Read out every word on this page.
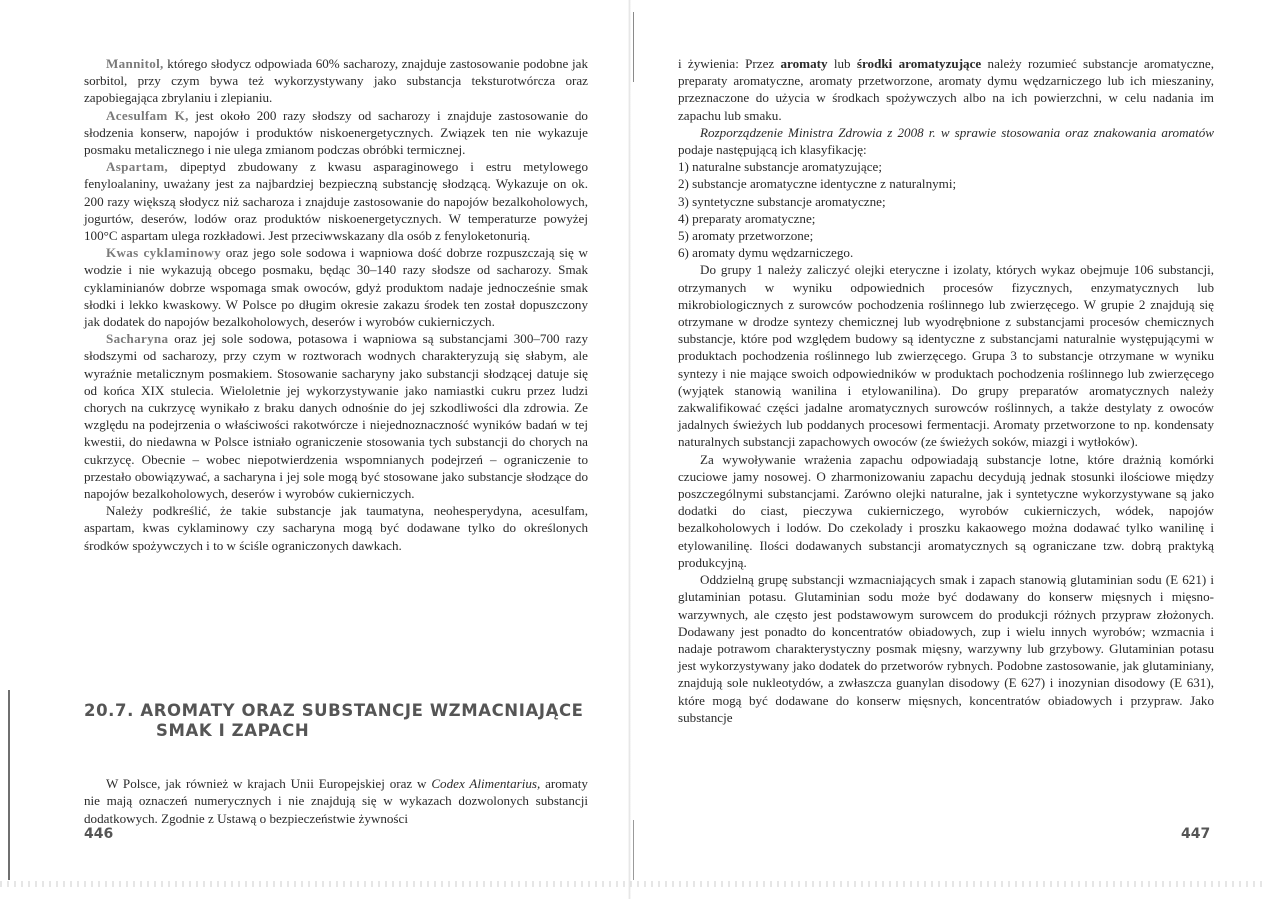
Mannitol, którego słodycz odpowiada 60% sacharozy, znajduje zastosowanie podobne jak sorbitol, przy czym bywa też wykorzystywany jako substancja teksturotwórcza oraz zapobiegająca zbrylaniu i zlepianiu.

Acesulfam K, jest około 200 razy słodszy od sacharozy i znajduje zastosowanie do słodzenia konserw, napojów i produktów niskoenergetycznych. Związek ten nie wykazuje posmaku metalicznego i nie ulega zmianom podczas obróbki termicznej.

Aspartam, dipeptyd zbudowany z kwasu asparaginowego i estru metylowego fenyloalaniny, uważany jest za najbardziej bezpieczną substancję słodzącą. Wykazuje on ok. 200 razy większą słodycz niż sacharoza i znajduje zastosowanie do napojów bezalkoholowych, jogurtów, deserów, lodów oraz produktów niskoenergetycznych. W temperaturze powyżej 100°C aspartam ulega rozkładowi. Jest przeciwwskazany dla osób z fenyloketonurią.

Kwas cyklaminowy oraz jego sole sodowa i wapniowa dość dobrze rozpuszczają się w wodzie i nie wykazują obcego posmaku, będąc 30–140 razy słodsze od sacharozy. Smak cyklaminianów dobrze wspomaga smak owoców, gdyż produktom nadaje jednocześnie smak słodki i lekko kwaskowy. W Polsce po długim okresie zakazu środek ten został dopuszczony jak dodatek do napojów bezalkoholowych, deserów i wyrobów cukierniczych.

Sacharyna oraz jej sole sodowa, potasowa i wapniowa są substancjami 300–700 razy słodszymi od sacharozy, przy czym w roztworach wodnych charakteryzują się słabym, ale wyraźnie metalicznym posmakiem. Stosowanie sacharyny jako substancji słodzącej datuje się od końca XIX stulecia. Wieloletnie jej wykorzystywanie jako namiastki cukru przez ludzi chorych na cukrzycę wynikało z braku danych odnośnie do jej szkodliwości dla zdrowia. Ze względu na podejrzenia o właściwości rakotwórcze i niejednoznaczność wyników badań w tej kwestii, do niedawna w Polsce istniało ograniczenie stosowania tych substancji do chorych na cukrzycę. Obecnie – wobec niepotwierdzenia wspomnianych podejrzeń – ograniczenie to przestało obowiązywać, a sacharyna i jej sole mogą być stosowane jako substancje słodzące do napojów bezalkoholowych, deserów i wyrobów cukierniczych.

Należy podkreślić, że takie substancje jak taumatyna, neohesperydyna, acesulfam, aspartam, kwas cyklaminowy czy sacharyna mogą być dodawane tylko do określonych środków spożywczych i to w ściśle ograniczonych dawkach.

20.7. AROMATY ORAZ SUBSTANCJE WZMACNIAJĄCE
SMAK I ZAPACH

W Polsce, jak również w krajach Unii Europejskiej oraz w Codex Alimentarius, aromaty nie mają oznaczeń numerycznych i nie znajdują się w wykazach dozwolonych substancji dodatkowych. Zgodnie z Ustawą o bezpieczeństwie żywności

446

i żywienia: Przez aromaty lub środki aromatyzujące należy rozumieć substancje aromatyczne, preparaty aromatyczne, aromaty przetworzone, aromaty dymu wędzarniczego lub ich mieszaniny, przeznaczone do użycia w środkach spożywczych albo na ich powierzchni, w celu nadania im zapachu lub smaku.

Rozporządzenie Ministra Zdrowia z 2008 r. w sprawie stosowania oraz znakowania aromatów podaje następującą ich klasyfikację:

1) naturalne substancje aromatyzujące;
2) substancje aromatyczne identyczne z naturalnymi;
3) syntetyczne substancje aromatyczne;
4) preparaty aromatyczne;
5) aromaty przetworzone;
6) aromaty dymu wędzarniczego.

Do grupy 1 należy zaliczyć olejki eteryczne i izolaty, których wykaz obejmuje 106 substancji, otrzymanych w wyniku odpowiednich procesów fizycznych, enzymatycznych lub mikrobiologicznych z surowców pochodzenia roślinnego lub zwierzęcego. W grupie 2 znajdują się otrzymane w drodze syntezy chemicznej lub wyodrębnione z substancjami procesów chemicznych substancje, które pod względem budowy są identyczne z substancjami naturalnie występującymi w produktach pochodzenia roślinnego lub zwierzęcego. Grupa 3 to substancje otrzymane w wyniku syntezy i nie mające swoich odpowiedników w produktach pochodzenia roślinnego lub zwierzęcego (wyjątek stanowią wanilina i etylowanilina). Do grupy preparatów aromatycznych należy zakwalifikować części jadalne aromatycznych surowców roślinnych, a także destylaty z owoców jadalnych świeżych lub poddanych procesowi fermentacji. Aromaty przetworzone to np. kondensaty naturalnych substancji zapachowych owoców (ze świeżych soków, miazgi i wytłoków).

Za wywoływanie wrażenia zapachu odpowiadają substancje lotne, które drażnią komórki czuciowe jamy nosowej. O zharmonizowaniu zapachu decydują jednak stosunki ilościowe między poszczególnymi substancjami. Zarówno olejki naturalne, jak i syntetyczne wykorzystywane są jako dodatki do ciast, pieczywa cukierniczego, wyrobów cukierniczych, wódek, napojów bezalkoholowych i lodów. Do czekolady i proszku kakaowego można dodawać tylko wanilinę i etylowanilinę. Ilości dodawanych substancji aromatycznych są ograniczane tzw. dobrą praktyką produkcyjną.

Oddzielną grupę substancji wzmacniających smak i zapach stanowią glutaminian sodu (E 621) i glutaminian potasu. Glutaminian sodu może być dodawany do konserw mięsnych i mięsno-warzywnych, ale często jest podstawowym surowcem do produkcji różnych przypraw złożonych. Dodawany jest ponadto do koncentratów obiadowych, zup i wielu innych wyrobów; wzmacnia i nadaje potrawom charakterystyczny posmak mięsny, warzywny lub grzybowy. Glutaminian potasu jest wykorzystywany jako dodatek do przetworów rybnych. Podobne zastosowanie, jak glutaminiany, znajdują sole nukleotydów, a zwłaszcza guanylan disodowy (E 627) i inozynian disodowy (E 631), które mogą być dodawane do konserw mięsnych, koncentratów obiadowych i przypraw. Jako substancje

447
